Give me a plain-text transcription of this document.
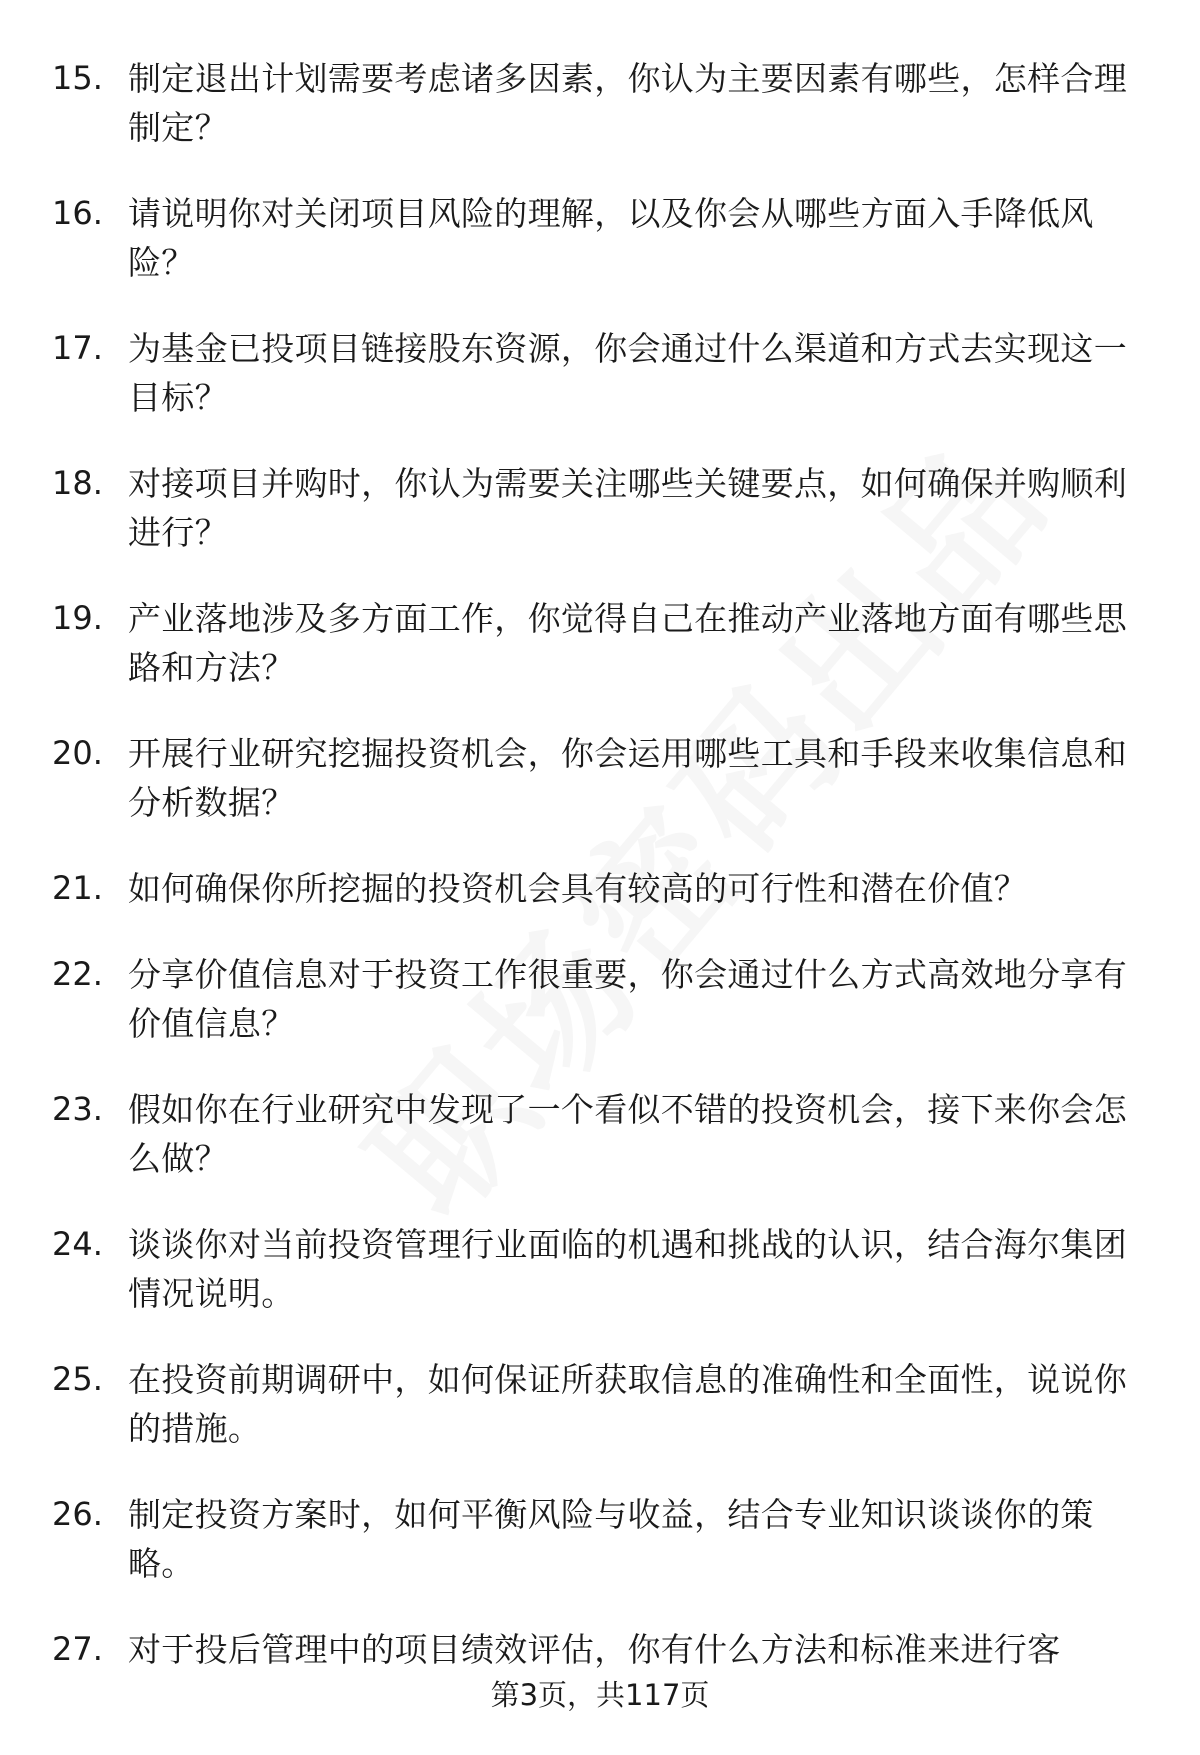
15. 制定退出计划需要考虑诸多因素，你认为主要因素有哪些，怎样合理制定？
16. 请说明你对关闭项目风险的理解，以及你会从哪些方面入手降低风险？
17. 为基金已投项目链接股东资源，你会通过什么渠道和方式去实现这一目标？
18. 对接项目并购时，你认为需要关注哪些关键要点，如何确保并购顺利进行？
19. 产业落地涉及多方面工作，你觉得自己在推动产业落地方面有哪些思路和方法？
20. 开展行业研究挖掘投资机会，你会运用哪些工具和手段来收集信息和分析数据？
21. 如何确保你所挖掘的投资机会具有较高的可行性和潜在价值？
22. 分享价值信息对于投资工作很重要，你会通过什么方式高效地分享有价值信息？
23. 假如你在行业研究中发现了一个看似不错的投资机会，接下来你会怎么做？
24. 谈谈你对当前投资管理行业面临的机遇和挑战的认识，结合海尔集团情况说明。
25. 在投资前期调研中，如何保证所获取信息的准确性和全面性，说说你的措施。
26. 制定投资方案时，如何平衡风险与收益，结合专业知识谈谈你的策略。
27. 对于投后管理中的项目绩效评估，你有什么方法和标准来进行客
第3页，共117页
